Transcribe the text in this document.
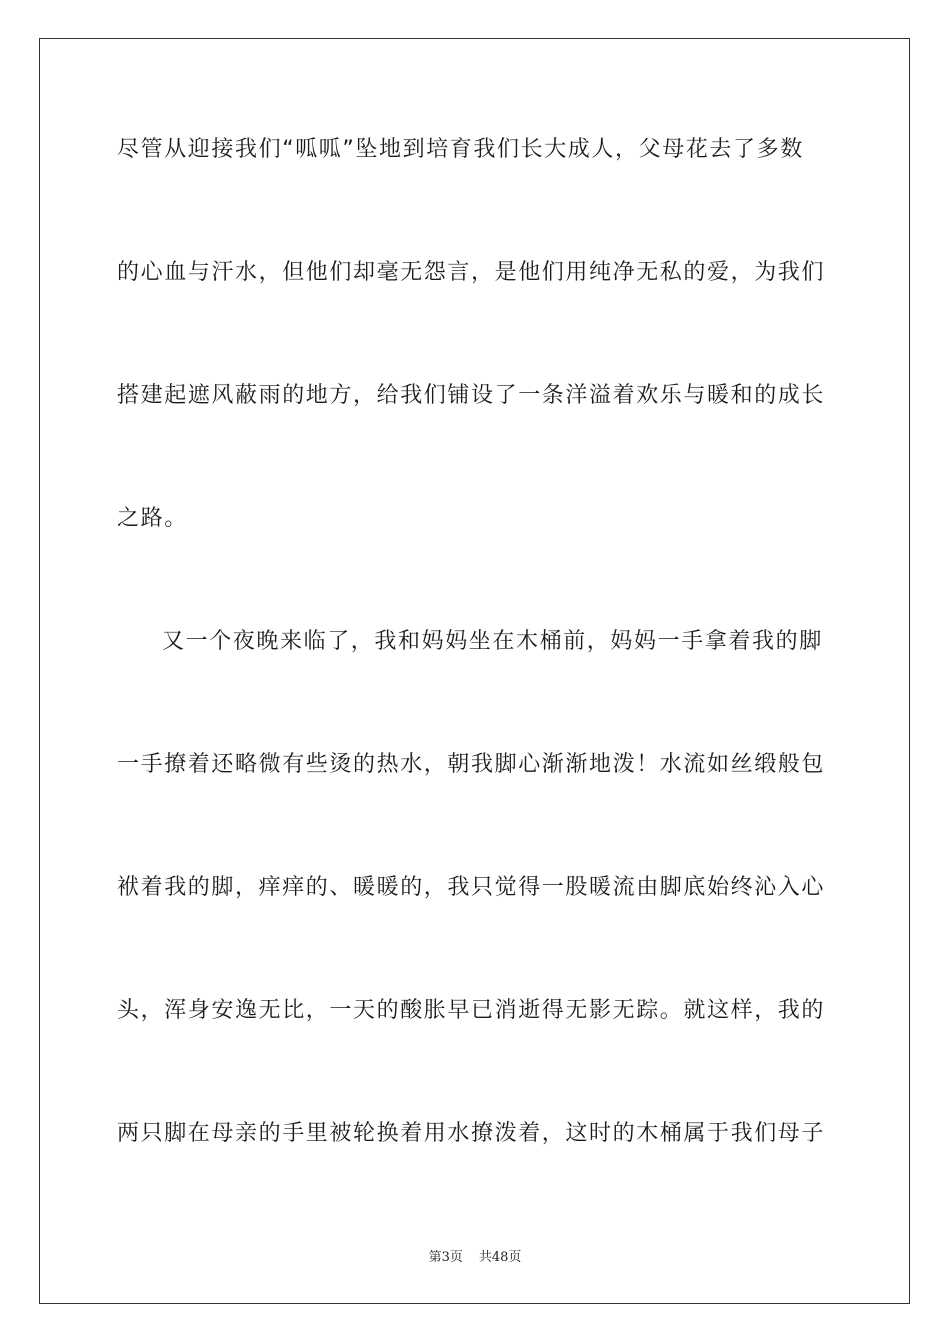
尽管从迎接我们“呱呱”坠地到培育我们长大成人，父母花去了多数
的心血与汗水，但他们却毫无怨言，是他们用纯净无私的爱，为我们
搭建起遮风蔽雨的地方，给我们铺设了一条洋溢着欢乐与暖和的成长
之路。
又一个夜晚来临了，我和妈妈坐在木桶前，妈妈一手拿着我的脚
一手撩着还略微有些烫的热水，朝我脚心渐渐地泼！水流如丝缎般包
袱着我的脚，痒痒的、暖暖的，我只觉得一股暖流由脚底始终沁入心
头，浑身安逸无比，一天的酸胀早已消逝得无影无踪。就这样，我的
两只脚在母亲的手里被轮换着用水撩泼着，这时的木桶属于我们母子
第3页 共48页
